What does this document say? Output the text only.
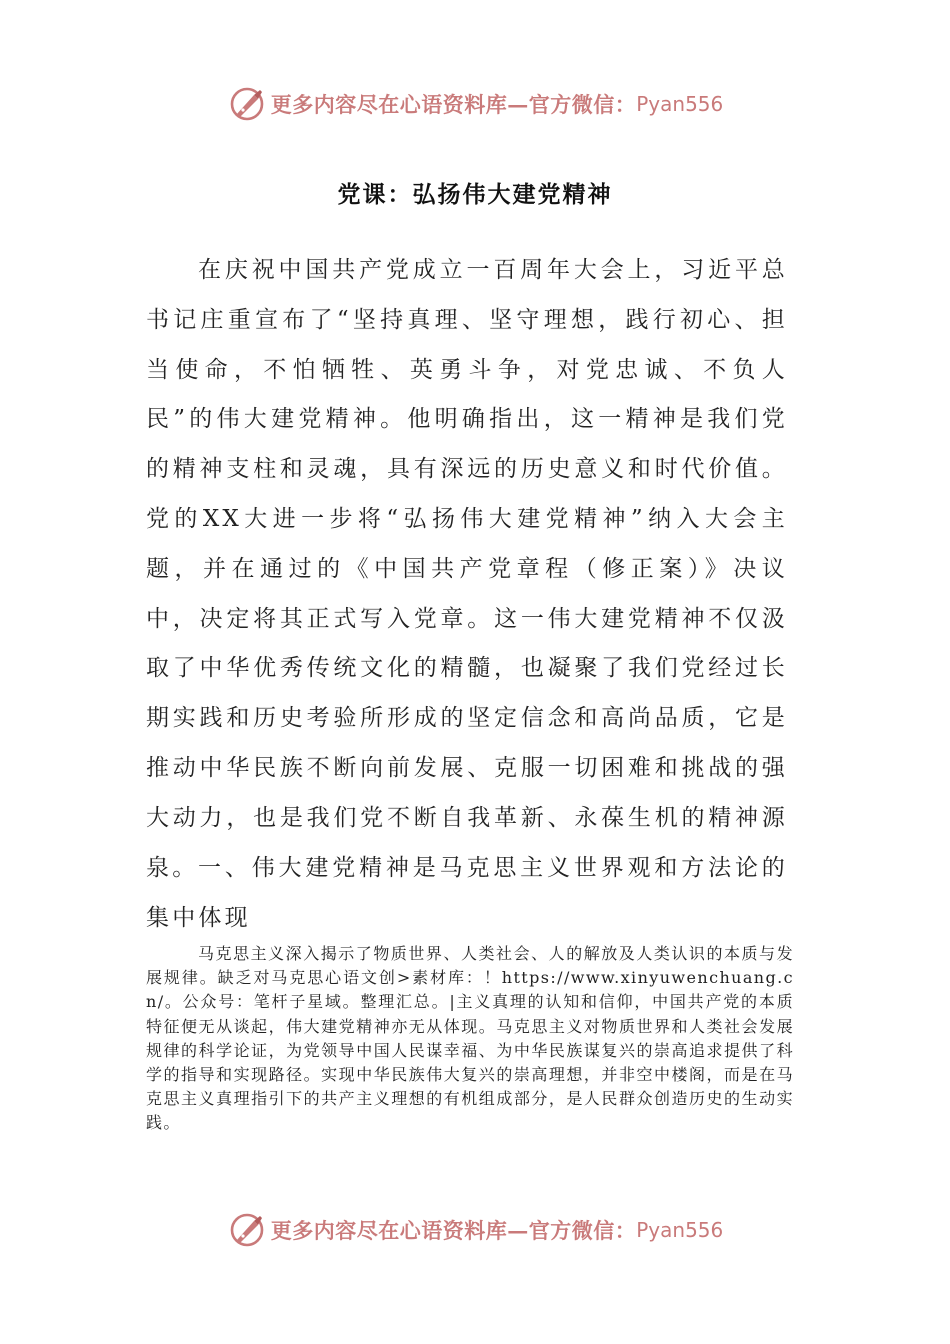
更多内容尽在心语资料库—官方微信： Pyan556
党课：弘扬伟大建党精神

在庆祝中国共产党成立一百周年大会上，习近平总书记庄重宣布了“坚持真理、坚守理想，践行初心、担当使命，不怕牺牲、英勇斗争，对党忠诚、不负人民”的伟大建党精神。他明确指出，这一精神是我们党的精神支柱和灵魂，具有深远的历史意义和时代价值。党的XX大进一步将“弘扬伟大建党精神”纳入大会主题，并在通过的《中国共产党章程（修正案）》决议中，决定将其正式写入党章。这一伟大建党精神不仅汲取了中华优秀传统文化的精髓，也凝聚了我们党经过长期实践和历史考验所形成的坚定信念和高尚品质，它是推动中华民族不断向前发展、克服一切困难和挑战的强大动力，也是我们党不断自我革新、永葆生机的精神源泉。 一、伟大建党精神是马克思主义世界观和方法论的集中体现

马克思主义深入揭示了物质世界、人类社会、人的解放及人类认识的本质与发展规律。缺乏对马克思心语文创>素材库：！https://www.xinyuwenchuang.cn/。公众号：笔杆子星域。整理汇总。|主义真理的认知和信仰，中国共产党的本质特征便无从谈起，伟大建党精神亦无从体现。马克思主义对物质世界和人类社会发展规律的科学论证，为党领导中国人民谋幸福、为中华民族谋复兴的崇高追求提供了科学的指导和实现路径。实现中华民族伟大复兴的崇高理想，并非空中楼阁，而是在马克思主义真理指引下的共产主义理想的有机组成部分，是人民群众创造历史的生动实践。

更多内容尽在心语资料库—官方微信： Pyan556
